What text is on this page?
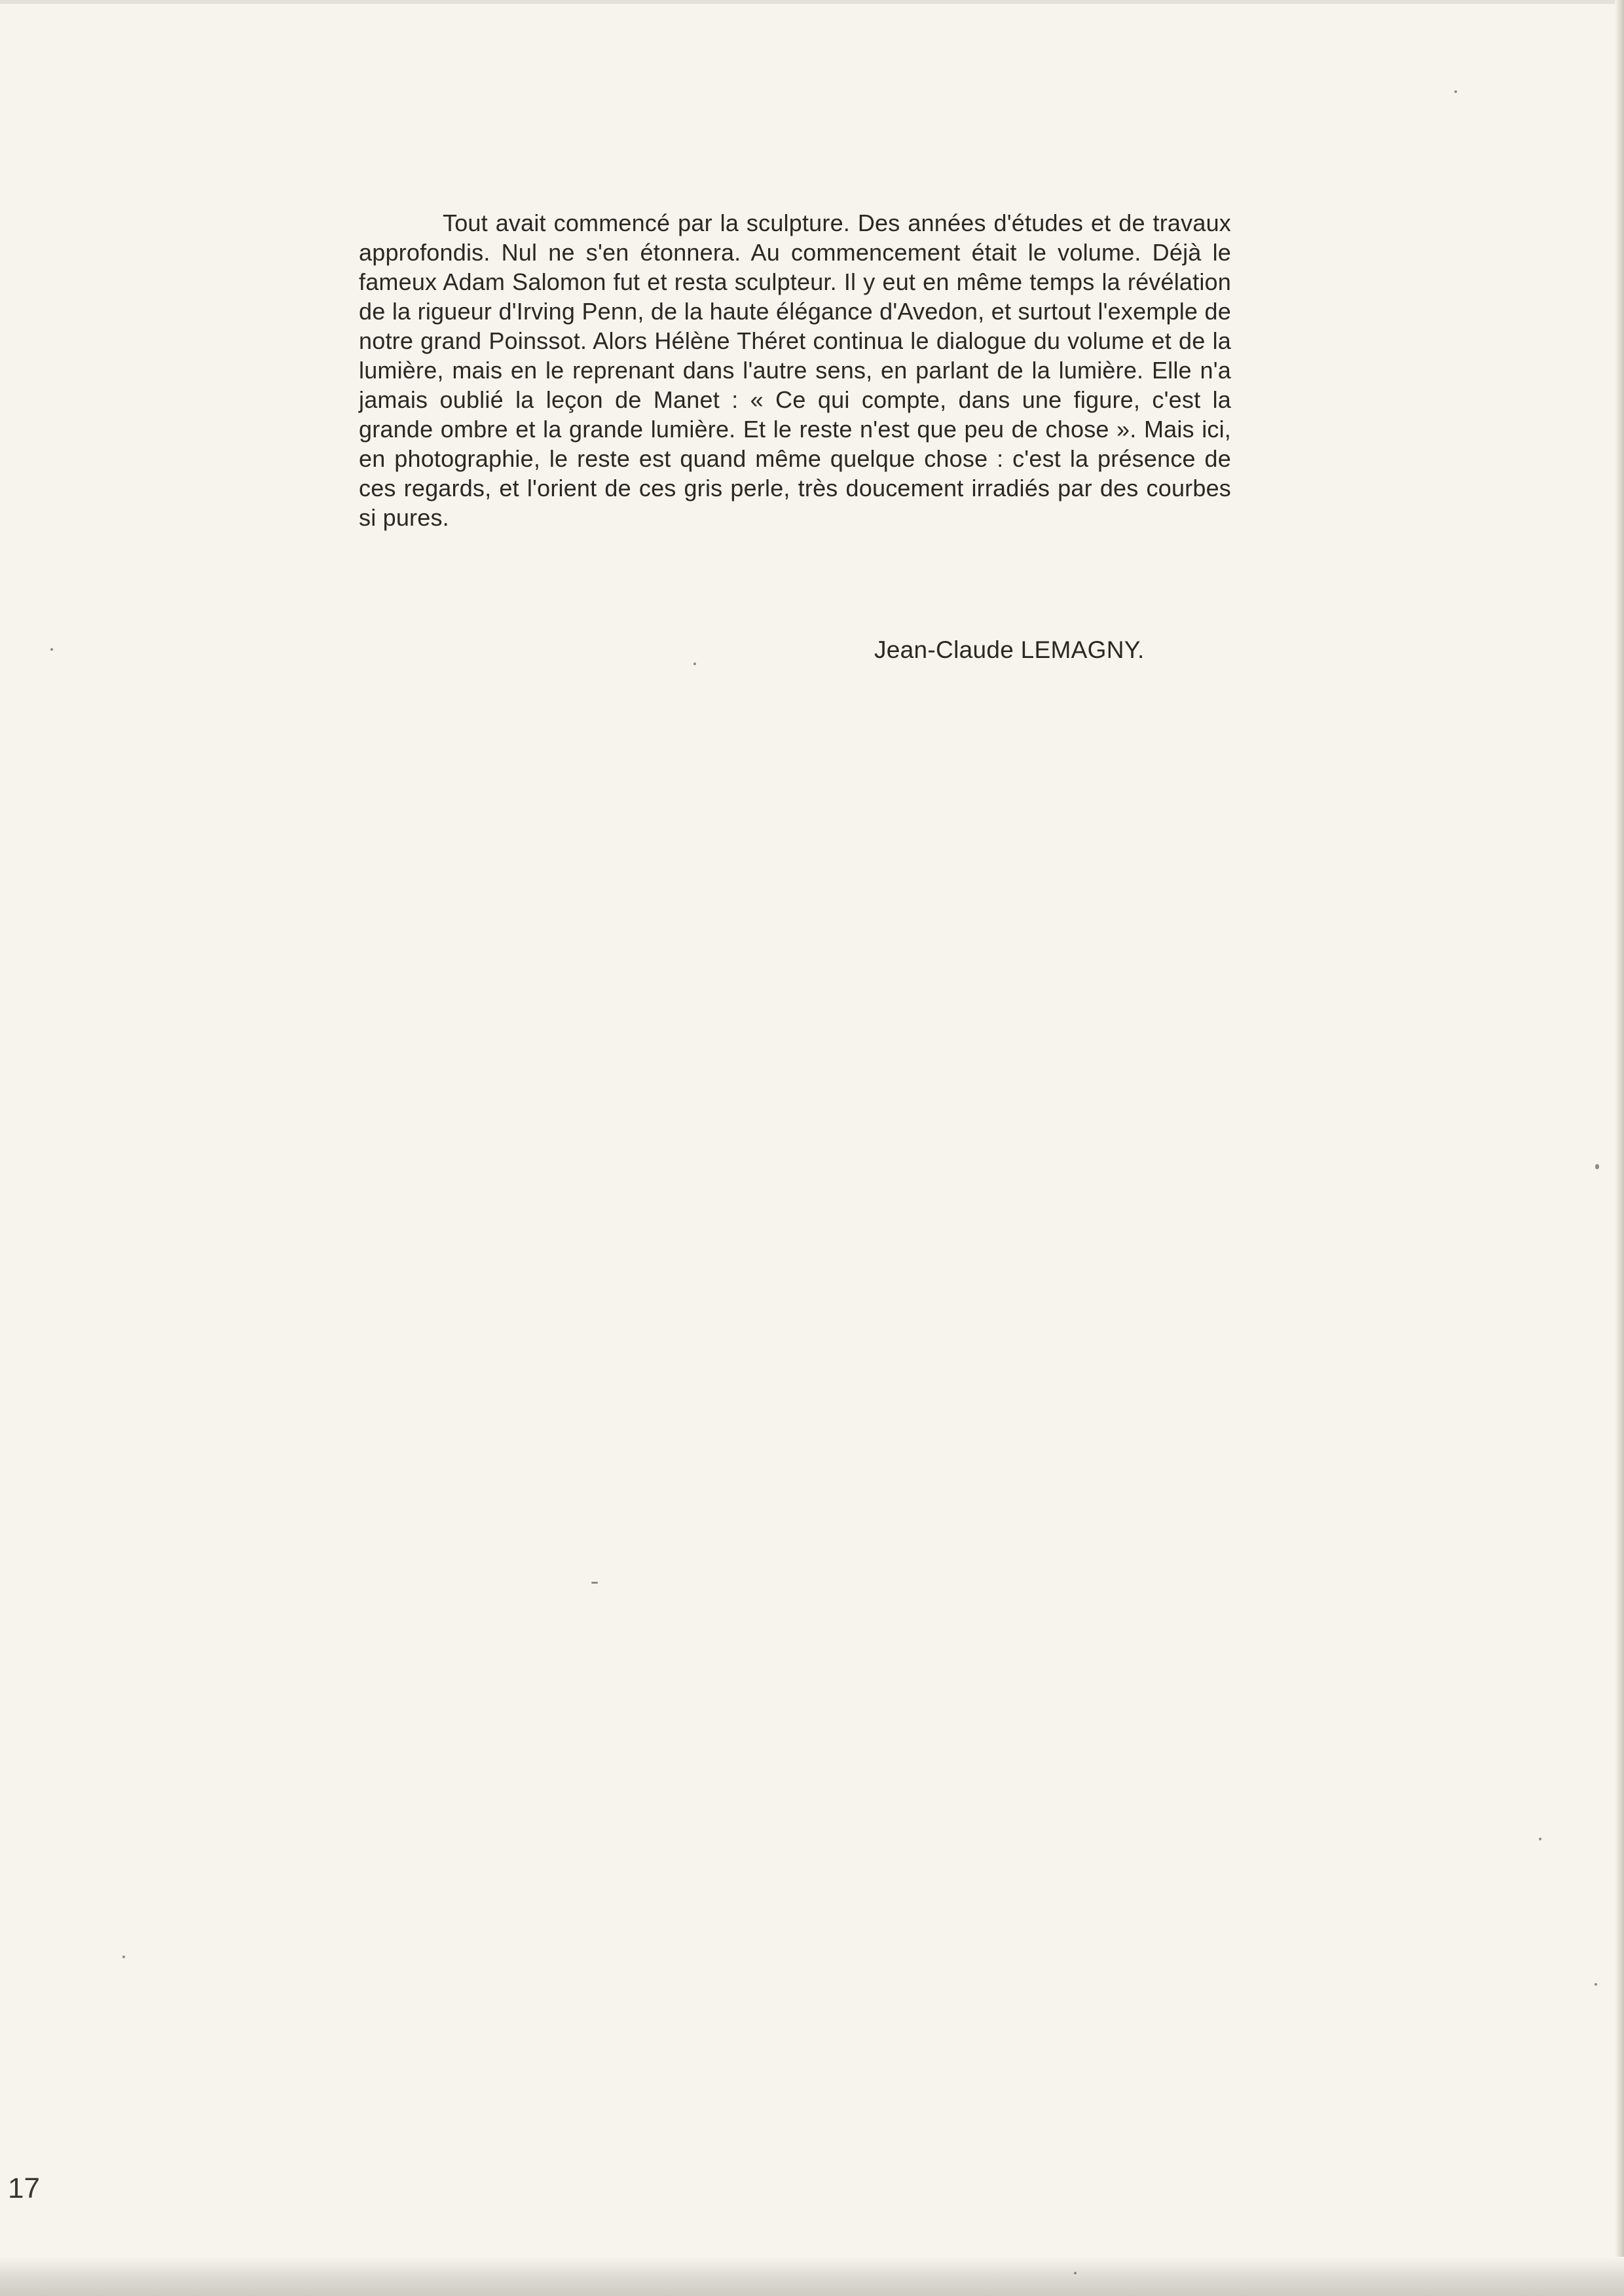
Tout avait commencé par la sculpture. Des années d'études et de travaux approfondis. Nul ne s'en étonnera. Au commencement était le volume. Déjà le fameux Adam Salomon fut et resta sculpteur. Il y eut en même temps la révélation de la rigueur d'Irving Penn, de la haute élégance d'Avedon, et surtout l'exemple de notre grand Poinssot. Alors Hélène Théret continua le dialogue du volume et de la lumière, mais en le reprenant dans l'autre sens, en parlant de la lumière. Elle n'a jamais oublié la leçon de Manet : « Ce qui compte, dans une figure, c'est la grande ombre et la grande lumière. Et le reste n'est que peu de chose ». Mais ici, en photographie, le reste est quand même quelque chose : c'est la présence de ces regards, et l'orient de ces gris perle, très doucement irradiés par des courbes si pures.

Jean-Claude LEMAGNY.
17
